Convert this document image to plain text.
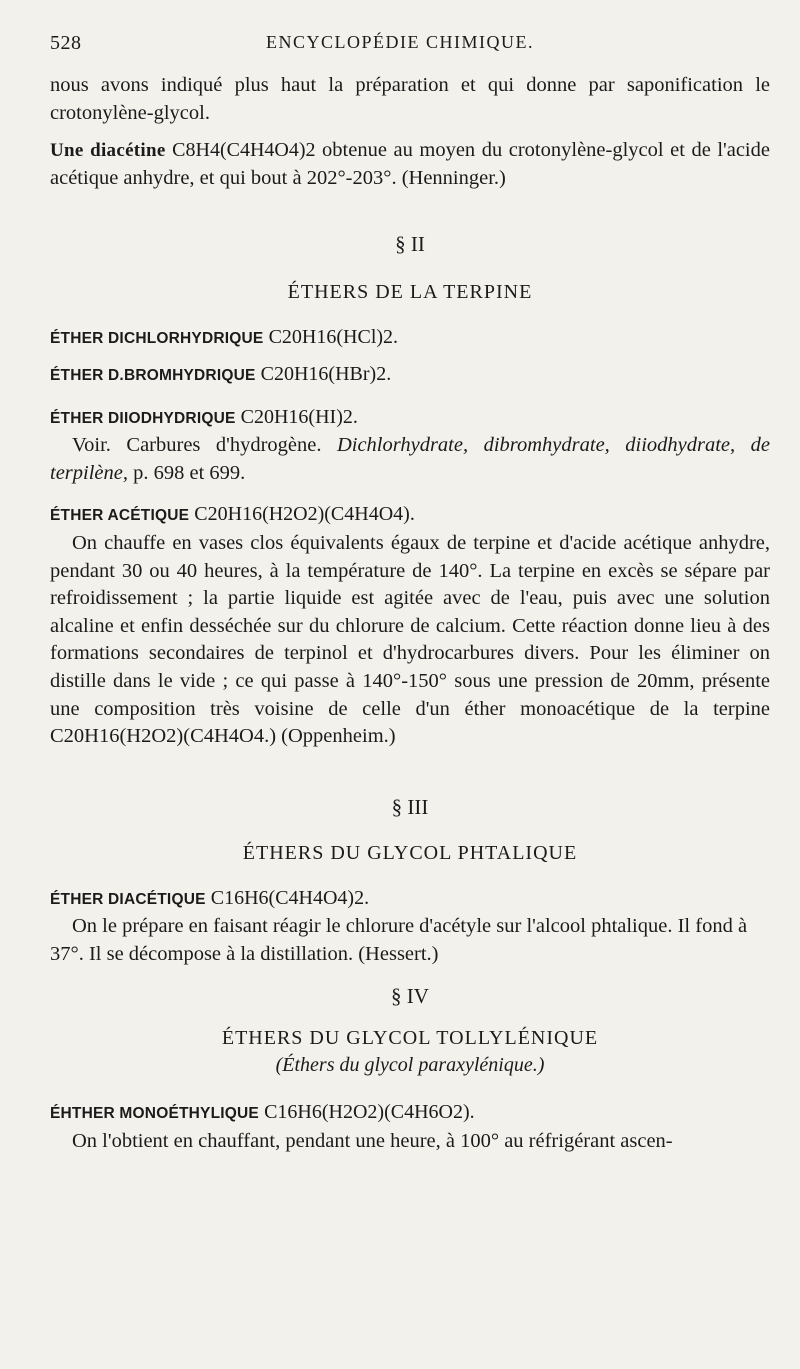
528	ENCYCLOPÉDIE CHIMIQUE.

nous avons indiqué plus haut la préparation et qui donne par saponification le crotonylène-glycol.

Une diacétine C8H4(C4H4O4)2 obtenue au moyen du crotonylène-glycol et de l'acide acétique anhydre, et qui bout à 202°-203°. (Henninger.)

§ II
ÉTHERS DE LA TERPINE

ÉTHER DICHLORHYDRIQUE C20H16(HCl)2.

ÉTHER D.BROMHYDRIQUE C20H16(HBr)2.

ÉTHER DIIODHYDRIQUE C20H16(HI)2.

Voir. Carbures d'hydrogène. Dichlorhydrate, dibromhydrate, diiodhydrate, de terpilène, p. 698 et 699.

ÉTHER ACÉTIQUE C20H16(H2O2)(C4H4O4).

On chauffe en vases clos équivalents égaux de terpine et d'acide acétique anhydre, pendant 30 ou 40 heures, à la température de 140°. La terpine en excès se sépare par refroidissement ; la partie liquide est agitée avec de l'eau, puis avec une solution alcaline et enfin desséchée sur du chlorure de calcium. Cette réaction donne lieu à des formations secondaires de terpinol et d'hydrocarbures divers. Pour les éliminer on distille dans le vide ; ce qui passe à 140°-150° sous une pression de 20mm, présente une composition très voisine de celle d'un éther monoacétique de la terpine C20H16(H2O2)(C4H4O4.) (Oppenheim.)

§ III
ÉTHERS DU GLYCOL PHTALIQUE

ÉTHER DIACÉTIQUE C16H6(C4H4O4)2.

On le prépare en faisant réagir le chlorure d'acétyle sur l'alcool phtalique. Il fond à 37°. Il se décompose à la distillation. (Hessert.)

§ IV
ÉTHERS DU GLYCOL TOLLYLÉNIQUE
(Éthers du glycol paraxylénique.)

ÉHTHER MONOÉTHYLIQUE C16H6(H2O2)(C4H6O2).

On l'obtient en chauffant, pendant une heure, à 100° au réfrigérant ascen-
